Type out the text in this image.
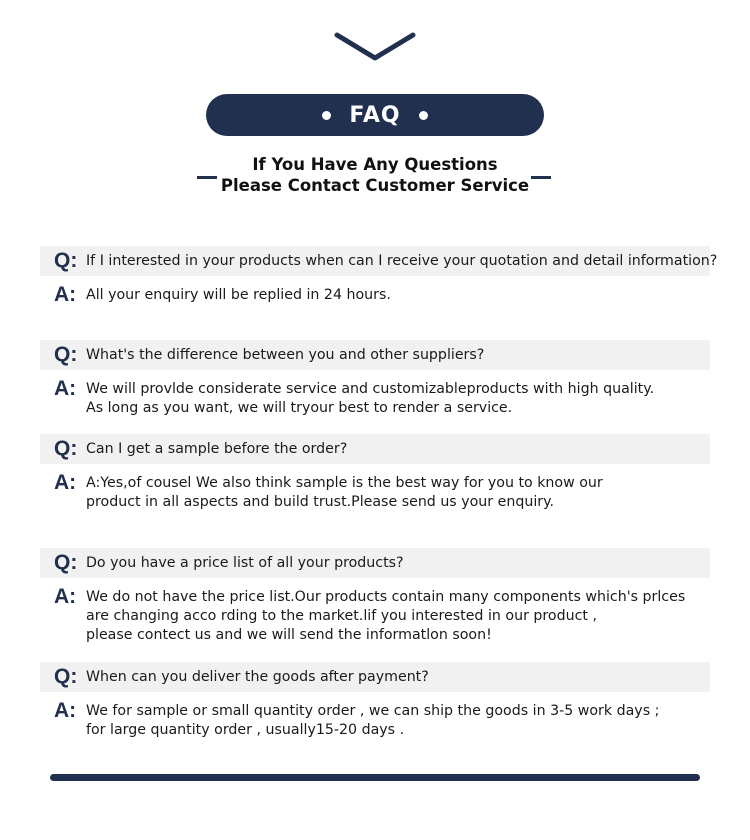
FAQ
If You Have Any Questions
Please Contact Customer Service
Q: If I interested in your products when can I receive your quotation and detail information?
A: All your enquiry will be replied in 24 hours.
Q: What's the difference between you and other suppliers?
A: We will provlde considerate service and customizableproducts with high quality.
As long as you want, we will tryour best to render a service.
Q: Can I get a sample before the order?
A: A:Yes,of cousel We also think sample is the best way for you to know our
product in all aspects and build trust.Please send us your enquiry.
Q: Do you have a price list of all your products?
A: We do not have the price list.Our products contain many components which's prlces
are changing acco rding to the market.lif you interested in our product ,
please contect us and we will send the informatlon soon!
Q: When can you deliver the goods after payment?
A: We for sample or small quantity order , we can ship the goods in 3-5 work days ;
for large quantity order , usually15-20 days .
